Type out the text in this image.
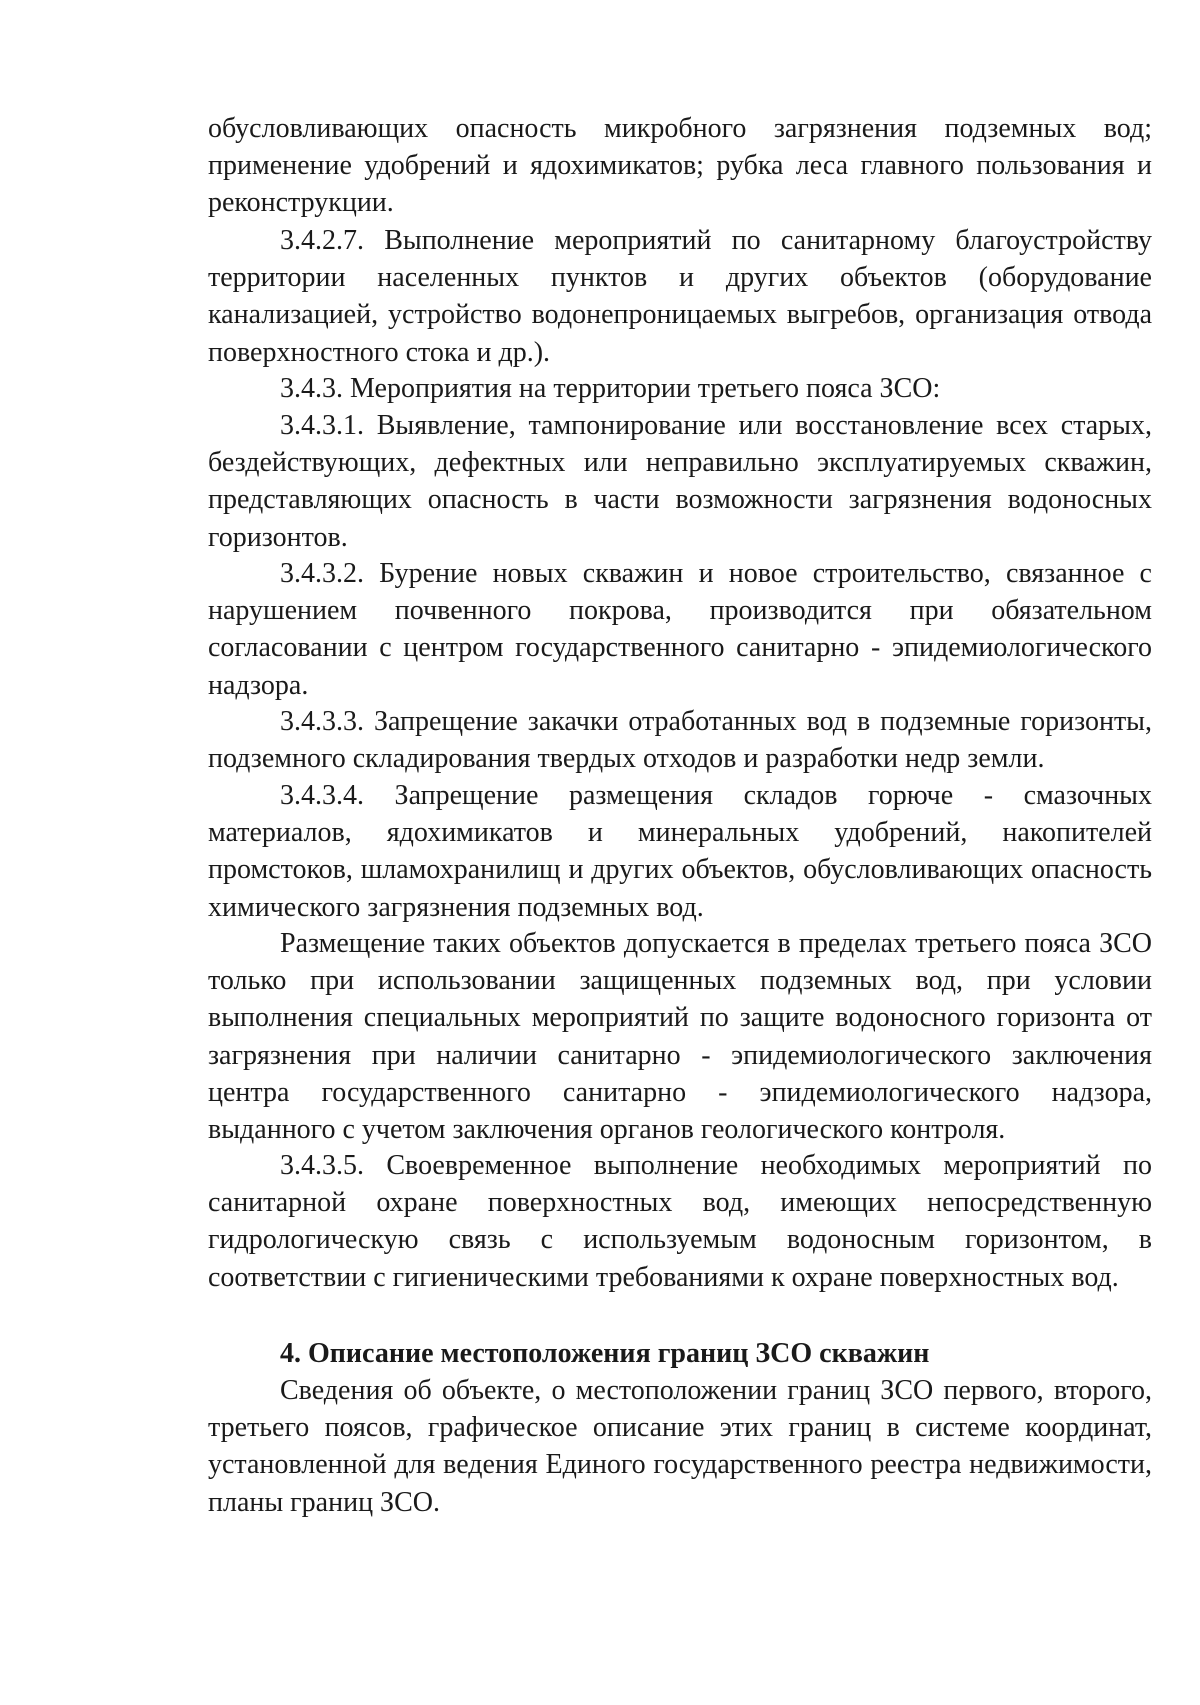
обусловливающих опасность микробного загрязнения подземных вод; применение удобрений и ядохимикатов; рубка леса главного пользования и реконструкции.

3.4.2.7. Выполнение мероприятий по санитарному благоустройству территории населенных пунктов и других объектов (оборудование канализацией, устройство водонепроницаемых выгребов, организация отвода поверхностного стока и др.).

3.4.3. Мероприятия на территории третьего пояса ЗСО:

3.4.3.1. Выявление, тампонирование или восстановление всех старых, бездействующих, дефектных или неправильно эксплуатируемых скважин, представляющих опасность в части возможности загрязнения водоносных горизонтов.

3.4.3.2. Бурение новых скважин и новое строительство, связанное с нарушением почвенного покрова, производится при обязательном согласовании с центром государственного санитарно - эпидемиологического надзора.

3.4.3.3. Запрещение закачки отработанных вод в подземные горизонты, подземного складирования твердых отходов и разработки недр земли.

3.4.3.4. Запрещение размещения складов горюче - смазочных материалов, ядохимикатов и минеральных удобрений, накопителей промстоков, шламохранилищ и других объектов, обусловливающих опасность химического загрязнения подземных вод.

Размещение таких объектов допускается в пределах третьего пояса ЗСО только при использовании защищенных подземных вод, при условии выполнения специальных мероприятий по защите водоносного горизонта от загрязнения при наличии санитарно - эпидемиологического заключения центра государственного санитарно - эпидемиологического надзора, выданного с учетом заключения органов геологического контроля.

3.4.3.5. Своевременное выполнение необходимых мероприятий по санитарной охране поверхностных вод, имеющих непосредственную гидрологическую связь с используемым водоносным горизонтом, в соответствии с гигиеническими требованиями к охране поверхностных вод.

4. Описание местоположения границ ЗСО скважин

Сведения об объекте, о местоположении границ ЗСО первого, второго, третьего поясов, графическое описание этих границ в системе координат, установленной для ведения Единого государственного реестра недвижимости, планы границ ЗСО.
